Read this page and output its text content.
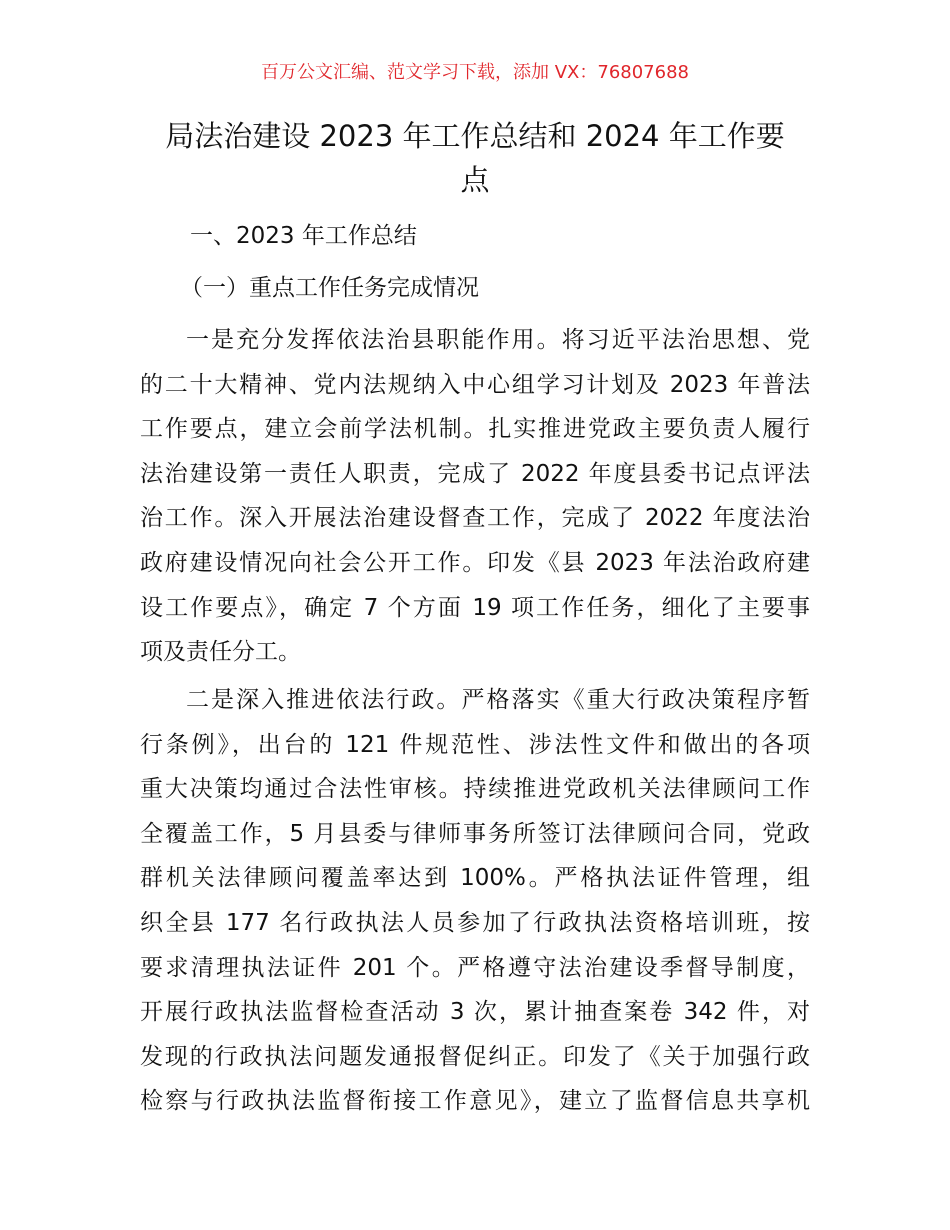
百万公文汇编、范文学习下载，添加 VX：76807688
局法治建设 2023 年工作总结和 2024 年工作要
点
一、2023 年工作总结
（一）重点工作任务完成情况
一是充分发挥依法治县职能作用。将习近平法治思想、党
的二十大精神、党内法规纳入中心组学习计划及 2023 年普法
工作要点，建立会前学法机制。扎实推进党政主要负责人履行
法治建设第一责任人职责，完成了 2022 年度县委书记点评法
治工作。深入开展法治建设督查工作，完成了 2022 年度法治
政府建设情况向社会公开工作。印发《县 2023 年法治政府建
设工作要点》，确定 7 个方面 19 项工作任务，细化了主要事
项及责任分工。
二是深入推进依法行政。严格落实《重大行政决策程序暂
行条例》，出台的 121 件规范性、涉法性文件和做出的各项
重大决策均通过合法性审核。持续推进党政机关法律顾问工作
全覆盖工作，5 月县委与律师事务所签订法律顾问合同，党政
群机关法律顾问覆盖率达到 100%。严格执法证件管理，组
织全县 177 名行政执法人员参加了行政执法资格培训班，按
要求清理执法证件 201 个。严格遵守法治建设季督导制度，
开展行政执法监督检查活动 3 次，累计抽查案卷 342 件，对
发现的行政执法问题发通报督促纠正。印发了《关于加强行政
检察与行政执法监督衔接工作意见》，建立了监督信息共享机
